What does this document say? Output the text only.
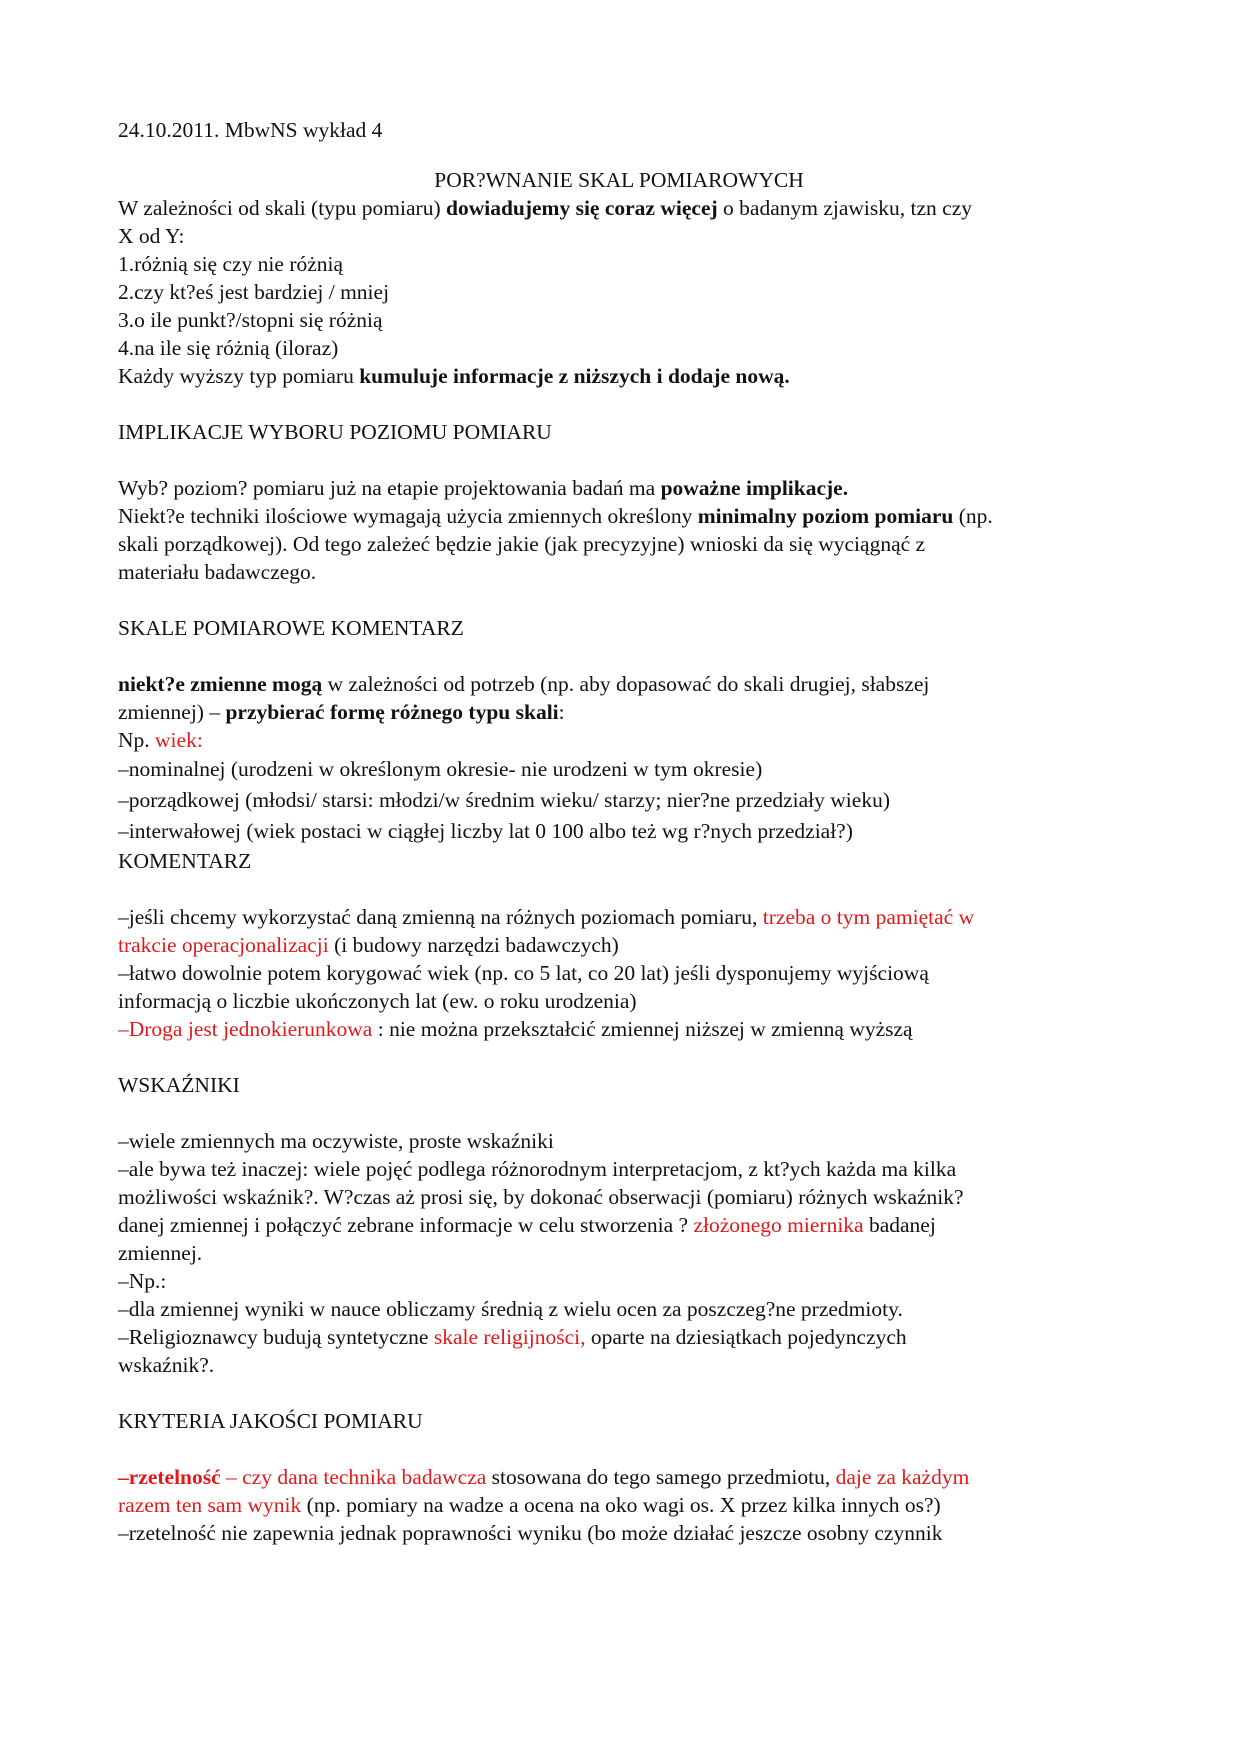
24.10.2011. MbwNS wykład 4
POR?WNANIE SKAL POMIAROWYCH
W zależności od skali (typu pomiaru) dowiadujemy się coraz więcej o badanym zjawisku, tzn czy
X od Y:
1.różnią się czy nie różnią
2.czy kt?eś jest bardziej / mniej
3.o ile punkt?/stopni się różnią
4.na ile się różnią (iloraz)
Każdy wyższy typ pomiaru kumuluje informacje z niższych i dodaje nową.
IMPLIKACJE WYBORU POZIOMU POMIARU
Wyb? poziom? pomiaru już na etapie projektowania badań ma poważne implikacje.
Niekt?e techniki ilościowe wymagają użycia zmiennych określony minimalny poziom pomiaru (np.
skali porządkowej). Od tego zależeć będzie jakie (jak precyzyjne) wnioski da się wyciągnąć z
materiału badawczego.
SKALE POMIAROWE KOMENTARZ
niekt?e zmienne mogą w zależności od potrzeb (np. aby dopasować do skali drugiej, słabszej
zmiennej) – przybierać formę różnego typu skali:
Np. wiek:
–nominalnej (urodzeni w określonym okresie- nie urodzeni w tym okresie)
–porządkowej (młodsi/ starsi: młodzi/w średnim wieku/ starzy; nier?ne przedziały wieku)
–interwałowej (wiek postaci w ciągłej liczby lat 0 100 albo też wg r?nych przedział?)
KOMENTARZ
–jeśli chcemy wykorzystać daną zmienną na różnych poziomach pomiaru, trzeba o tym pamiętać w
trakcie operacjonalizacji (i budowy narzędzi badawczych)
–łatwo dowolnie potem korygować wiek (np. co 5 lat, co 20 lat) jeśli dysponujemy wyjściową
informacją o liczbie ukończonych lat (ew. o roku urodzenia)
–Droga jest jednokierunkowa : nie można przekształcić zmiennej niższej w zmienną wyższą
WSKAŹNIKI
–wiele zmiennych ma oczywiste, proste wskaźniki
–ale bywa też inaczej: wiele pojęć podlega różnorodnym interpretacjom, z kt?ych każda ma kilka
możliwości wskaźnik?. W?czas aż prosi się, by dokonać obserwacji (pomiaru) różnych wskaźnik?
danej zmiennej i połączyć zebrane informacje w celu stworzenia ? złożonego miernika badanej
zmiennej.
–Np.:
–dla zmiennej wyniki w nauce obliczamy średnią z wielu ocen za poszczeg?ne przedmioty.
–Religioznawcy budują syntetyczne skale religijności, oparte na dziesiątkach pojedynczych
wskaźnik?.
KRYTERIA JAKOŚCI POMIARU
–rzetelność – czy dana technika badawcza stosowana do tego samego przedmiotu, daje za każdym
razem ten sam wynik (np. pomiary na wadze a ocena na oko wagi os. X przez kilka innych os?)
–rzetelność nie zapewnia jednak poprawności wyniku (bo może działać jeszcze osobny czynnik
